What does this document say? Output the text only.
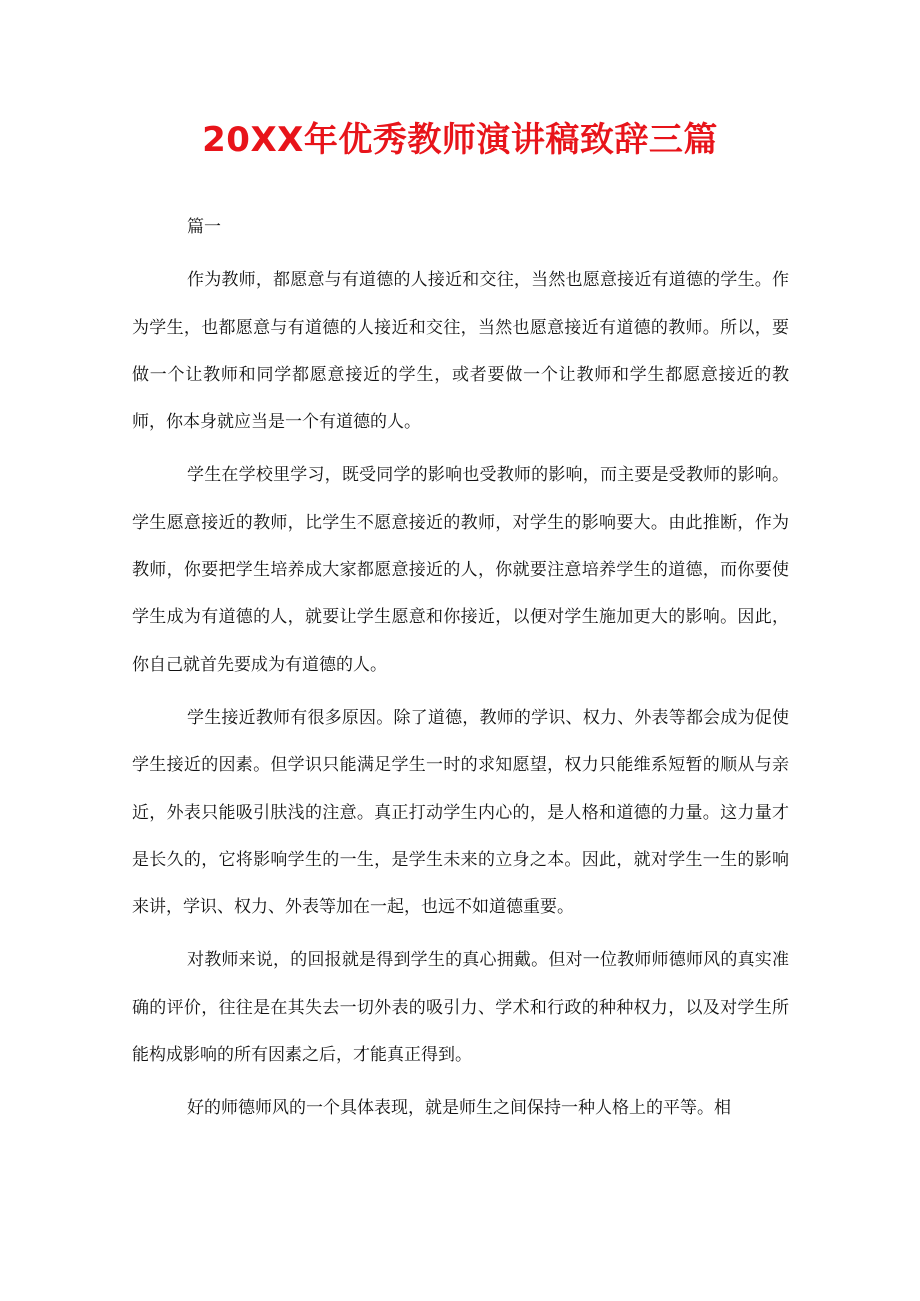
20XX年优秀教师演讲稿致辞三篇

篇一

作为教师，都愿意与有道德的人接近和交往，当然也愿意接近有道德的学生。作为学生，也都愿意与有道德的人接近和交往，当然也愿意接近有道德的教师。所以，要做一个让教师和同学都愿意接近的学生，或者要做一个让教师和学生都愿意接近的教师，你本身就应当是一个有道德的人。

学生在学校里学习，既受同学的影响也受教师的影响，而主要是受教师的影响。学生愿意接近的教师，比学生不愿意接近的教师，对学生的影响要大。由此推断，作为教师，你要把学生培养成大家都愿意接近的人，你就要注意培养学生的道德，而你要使学生成为有道德的人，就要让学生愿意和你接近，以便对学生施加更大的影响。因此，你自己就首先要成为有道德的人。

学生接近教师有很多原因。除了道德，教师的学识、权力、外表等都会成为促使学生接近的因素。但学识只能满足学生一时的求知愿望，权力只能维系短暂的顺从与亲近，外表只能吸引肤浅的注意。真正打动学生内心的，是人格和道德的力量。这力量才是长久的，它将影响学生的一生，是学生未来的立身之本。因此，就对学生一生的影响来讲，学识、权力、外表等加在一起，也远不如道德重要。

对教师来说，的回报就是得到学生的真心拥戴。但对一位教师师德师风的真实准确的评价，往往是在其失去一切外表的吸引力、学术和行政的种种权力，以及对学生所能构成影响的所有因素之后，才能真正得到。

好的师德师风的一个具体表现，就是师生之间保持一种人格上的平等。相
